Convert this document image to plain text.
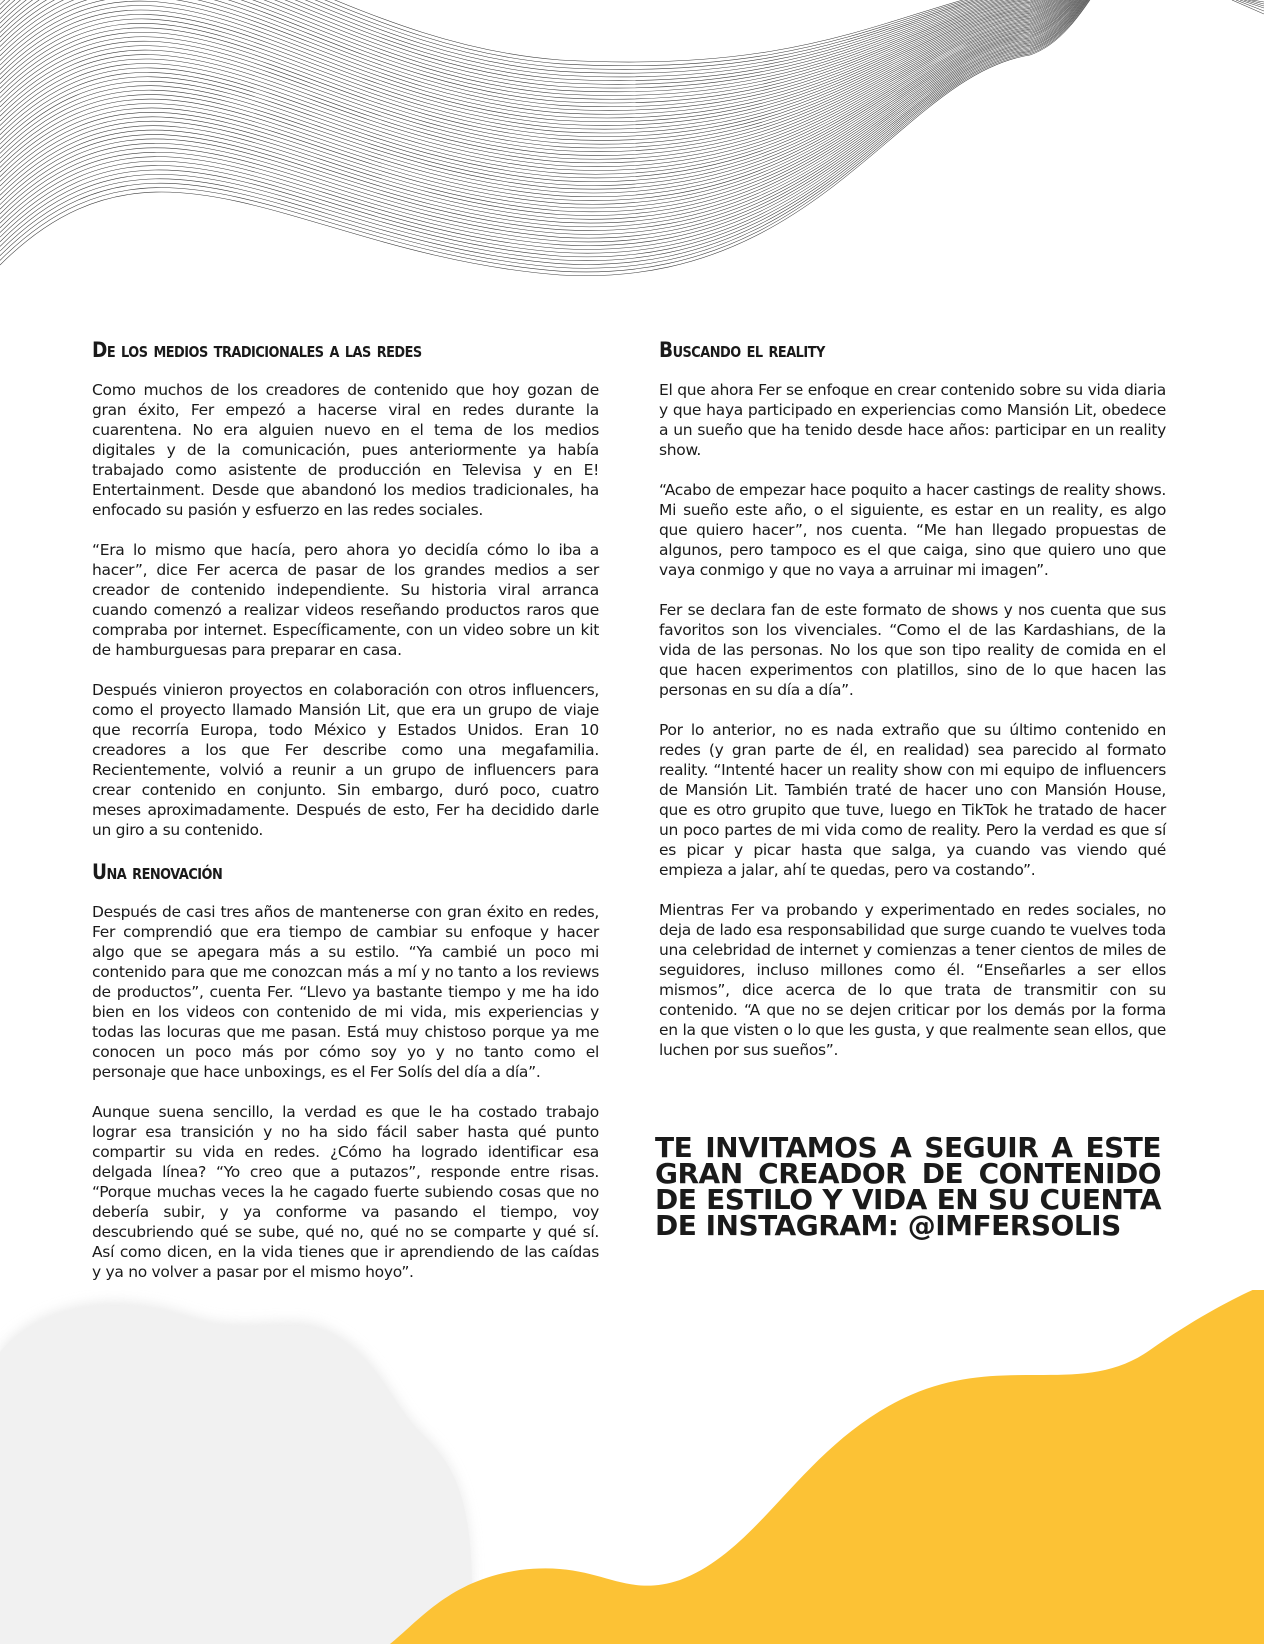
De los medios tradicionales a las redes

Como muchos de los creadores de contenido que hoy gozan de gran éxito, Fer empezó a hacerse viral en redes durante la cuarentena. No era alguien nuevo en el tema de los medios digitales y de la comunicación, pues anteriormente ya había trabajado como asistente de producción en Televisa y en E! Entertainment. Desde que abandonó los medios tradicionales, ha enfocado su pasión y esfuerzo en las redes sociales.

“Era lo mismo que hacía, pero ahora yo decidía cómo lo iba a hacer”, dice Fer acerca de pasar de los grandes medios a ser creador de contenido independiente. Su historia viral arranca cuando comenzó a realizar videos reseñando productos raros que compraba por internet. Específicamente, con un video sobre un kit de hamburguesas para preparar en casa.

Después vinieron proyectos en colaboración con otros influencers, como el proyecto llamado Mansión Lit, que era un grupo de viaje que recorría Europa, todo México y Estados Unidos. Eran 10 creadores a los que Fer describe como una megafamilia. Recientemente, volvió a reunir a un grupo de influencers para crear contenido en conjunto. Sin embargo, duró poco, cuatro meses aproximadamente. Después de esto, Fer ha decidido darle un giro a su contenido.

Una renovación

Después de casi tres años de mantenerse con gran éxito en redes, Fer comprendió que era tiempo de cambiar su enfoque y hacer algo que se apegara más a su estilo. “Ya cambié un poco mi contenido para que me conozcan más a mí y no tanto a los reviews de productos”, cuenta Fer. “Llevo ya bastante tiempo y me ha ido bien en los videos con contenido de mi vida, mis experiencias y todas las locuras que me pasan. Está muy chistoso porque ya me conocen un poco más por cómo soy yo y no tanto como el personaje que hace unboxings, es el Fer Solís del día a día”.

Aunque suena sencillo, la verdad es que le ha costado trabajo lograr esa transición y no ha sido fácil saber hasta qué punto compartir su vida en redes. ¿Cómo ha logrado identificar esa delgada línea? “Yo creo que a putazos”, responde entre risas. “Porque muchas veces la he cagado fuerte subiendo cosas que no debería subir, y ya conforme va pasando el tiempo, voy descubriendo qué se sube, qué no, qué no se comparte y qué sí. Así como dicen, en la vida tienes que ir aprendiendo de las caídas y ya no volver a pasar por el mismo hoyo”.

Buscando el reality

El que ahora Fer se enfoque en crear contenido sobre su vida diaria y que haya participado en experiencias como Mansión Lit, obedece a un sueño que ha tenido desde hace años: participar en un reality show.

“Acabo de empezar hace poquito a hacer castings de reality shows. Mi sueño este año, o el siguiente, es estar en un reality, es algo que quiero hacer”, nos cuenta. “Me han llegado propuestas de algunos, pero tampoco es el que caiga, sino que quiero uno que vaya conmigo y que no vaya a arruinar mi imagen”.

Fer se declara fan de este formato de shows y nos cuenta que sus favoritos son los vivenciales. “Como el de las Kardashians, de la vida de las personas. No los que son tipo reality de comida en el que hacen experimentos con platillos, sino de lo que hacen las personas en su día a día”.

Por lo anterior, no es nada extraño que su último contenido en redes (y gran parte de él, en realidad) sea parecido al formato reality. “Intenté hacer un reality show con mi equipo de influencers de Mansión Lit. También traté de hacer uno con Mansión House, que es otro grupito que tuve, luego en TikTok he tratado de hacer un poco partes de mi vida como de reality. Pero la verdad es que sí es picar y picar hasta que salga, ya cuando vas viendo qué empieza a jalar, ahí te quedas, pero va costando”.

Mientras Fer va probando y experimentado en redes sociales, no deja de lado esa responsabilidad que surge cuando te vuelves toda una celebridad de internet y comienzas a tener cientos de miles de seguidores, incluso millones como él. “Enseñarles a ser ellos mismos”, dice acerca de lo que trata de transmitir con su contenido. “A que no se dejen criticar por los demás por la forma en la que visten o lo que les gusta, y que realmente sean ellos, que luchen por sus sueños”.

TE INVITAMOS A SEGUIR A ESTE GRAN CREADOR DE CONTENIDO DE ESTILO Y VIDA EN SU CUENTA DE INSTAGRAM: @IMFERSOLIS
